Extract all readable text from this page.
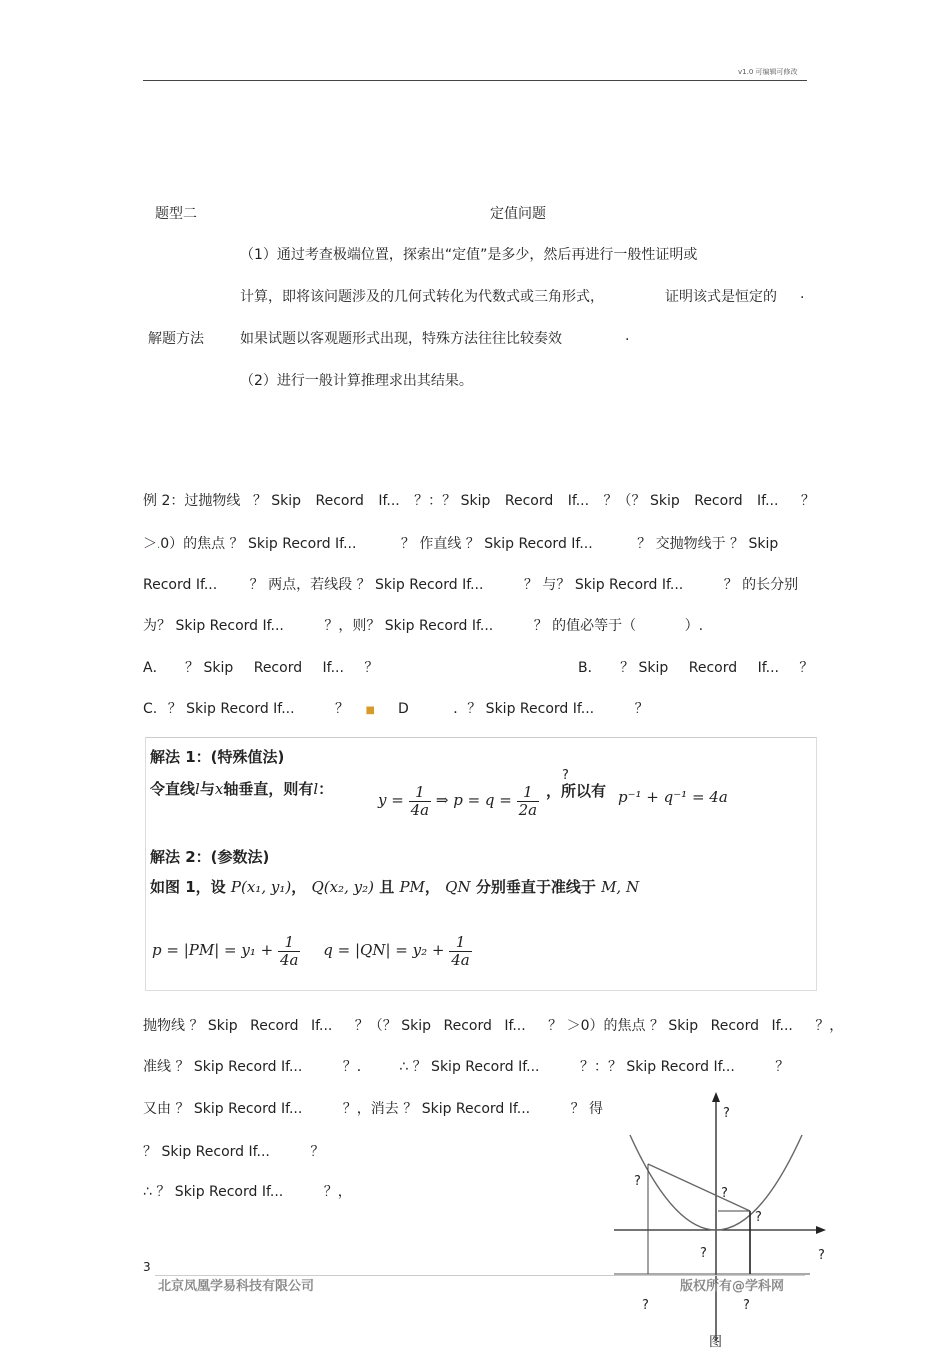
v1.0 可编辑可修改
题型二	定值问题
（1）通过考查极端位置，探索出“定值”是多少，然后再进行一般性证明或
计算，即将该问题涉及的几何式转化为代数式或三角形式，	证明该式是恒定的 .
解题方法	如果试题以客观题形式出现，特殊方法往往比较奏效	.
（2）进行一般计算推理求出其结果。
例 2：过抛物线 ？ Skip Record If... ？：？ Skip Record If... ？（？ Skip Record If... ？
＞.0）的焦点 ？ Skip Record If...	？ 作直线 ？ Skip Record If...	？ 交抛物线于 ？ Skip
Record If... ？ 两点，若线段 ？ Skip Record If...	？ 与？ Skip Record If...	？ 的长分别
为？ Skip Record If...	？，则？ Skip Record If...	？ 的值必等于（	）.
A． ？ Skip Record If... ？	B． ？ Skip Record If... ？
C. ？ Skip Record If...	？ ■ D	．？ Skip Record If...	？
解法 1：(特殊值法)
令直线l与x轴垂直，则有l：
$y = \frac{1}{4a}$ ⇒ $p = q = \frac{1}{2a}$
?
，所以有 p⁻¹ + q⁻¹ = 4a
解法 2：(参数法)
如图 1，设 P(x₁, y₁)， Q(x₂, y₂) 且 PM， QN 分别垂直于准线于 M, N
$p = |PM| = y_1 + \frac{1}{4a}$ $q = |QN| = y_2 + \frac{1}{4a}$
抛物线 ？ Skip Record If... ？（？ Skip Record If... ？ ＞0）的焦点 ？ Skip Record If... ？，
准线 ？ Skip Record If...	？． ∴ ？ Skip Record If...	？：？ Skip Record If...	？
又由 ？ Skip Record If...	？，消去 ？ Skip Record If...	？ 得
？ Skip Record If...	？
∴ ？ Skip Record If...	？，
?
?
?
?
?	?
?	?
图
3
北京凤凰学易科技有限公司	版权所有@学科网
